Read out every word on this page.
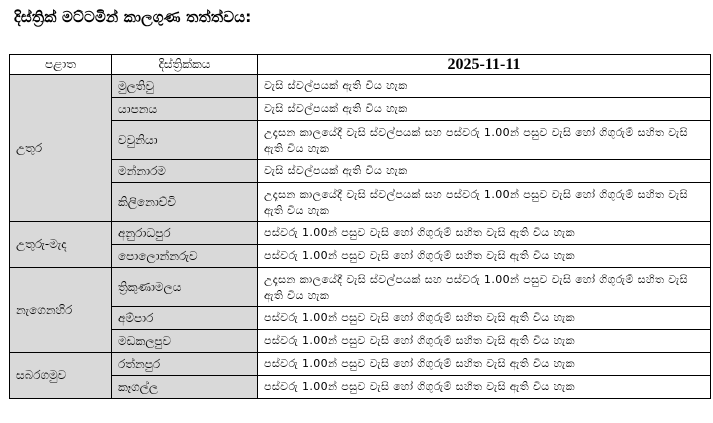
දිස්ත්‍රික් මට්ටමින් කාලගුණ තත්ත්වය:
පළාත	දිස්ත්‍රික්කය	2025-11-11
උතුර	මුලතිවු	වැසි ස්වල්පයක් ඇති විය හැක
	යාපනය	වැසි ස්වල්පයක් ඇති විය හැක
	වවුනියා	උදෑසන කාලයේදී වැසි ස්වල්පයක් සහ පස්වරු 1.00න් පසුව වැසි හෝ ගිගුරුම් සහිත වැසි ඇති විය හැක
	මන්නාරම	වැසි ස්වල්පයක් ඇති විය හැක
	කිලිනොච්චි	උදෑසන කාලයේදී වැසි ස්වල්පයක් සහ පස්වරු 1.00න් පසුව වැසි හෝ ගිගුරුම් සහිත වැසි ඇති විය හැක
උතුරු-මැද	අනුරාධපුර	පස්වරු 1.00න් පසුව වැසි හෝ ගිගුරුම් සහිත වැසි ඇති විය හැක
	පොලොන්නරුව	පස්වරු 1.00න් පසුව වැසි හෝ ගිගුරුම් සහිත වැසි ඇති විය හැක
නැගෙනහිර	ත්‍රිකුණාමලය	උදෑසන කාලයේදී වැසි ස්වල්පයක් සහ පස්වරු 1.00න් පසුව වැසි හෝ ගිගුරුම් සහිත වැසි ඇති විය හැක
	අම්පාර	පස්වරු 1.00න් පසුව වැසි හෝ ගිගුරුම් සහිත වැසි ඇති විය හැක
	මඩකලපුව	පස්වරු 1.00න් පසුව වැසි හෝ ගිගුරුම් සහිත වැසි ඇති විය හැක
සබරගමුව	රත්නපුර	පස්වරු 1.00න් පසුව වැසි හෝ ගිගුරුම් සහිත වැසි ඇති විය හැක
	කෑගල්ල	පස්වරු 1.00න් පසුව වැසි හෝ ගිගුරුම් සහිත වැසි ඇති විය හැක
